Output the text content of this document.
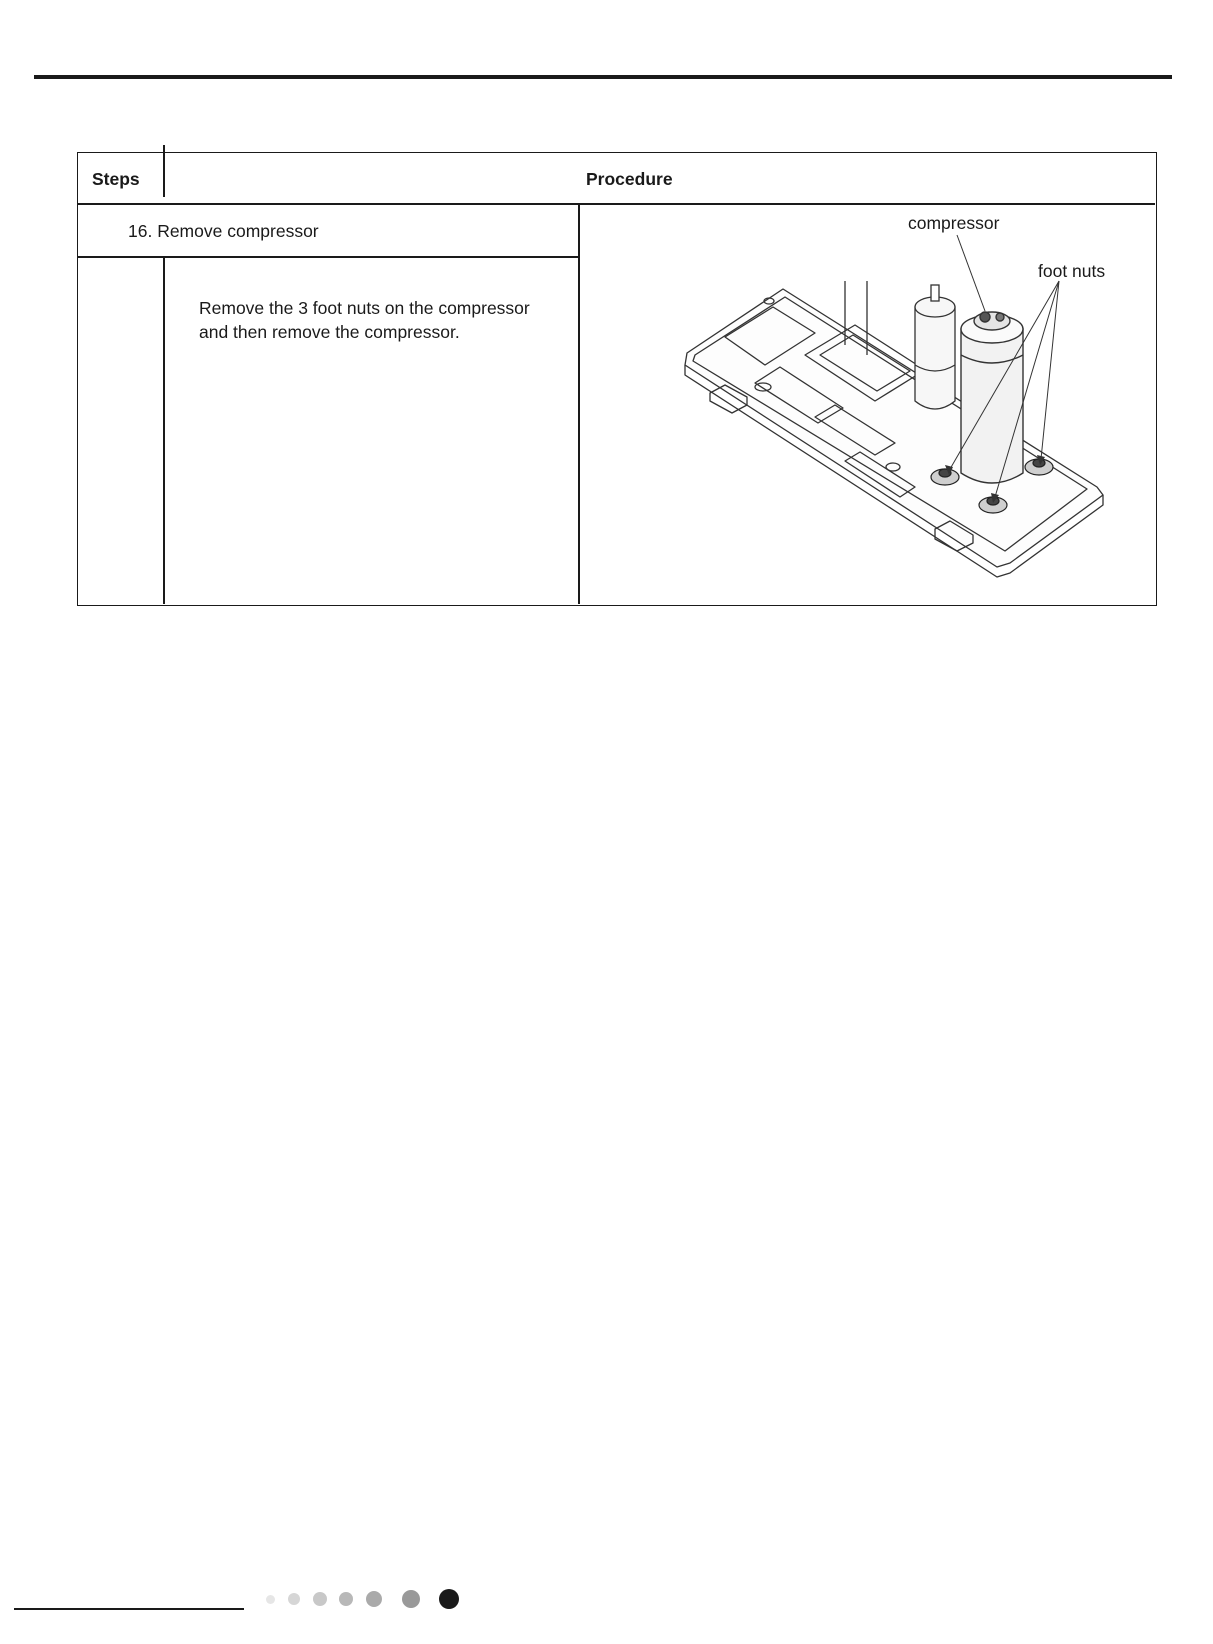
Steps	Procedure
16. Remove compressor
Remove the 3 foot nuts on the compressor
and then remove the compressor.
compressor
foot nuts
